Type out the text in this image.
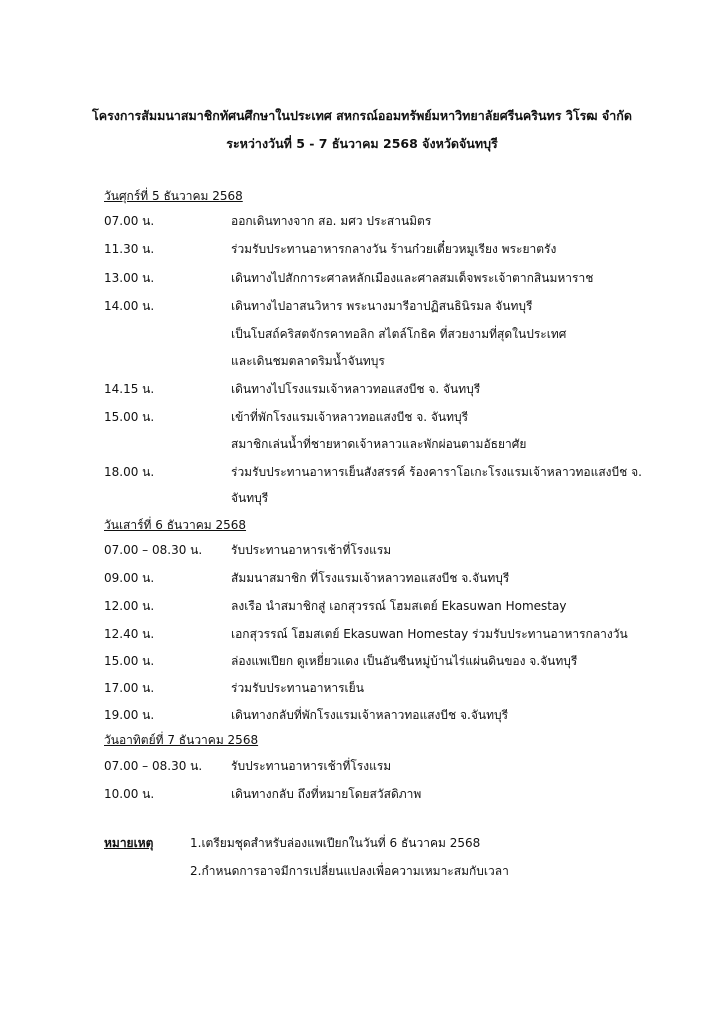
โครงการสัมมนาสมาชิกทัศนศึกษาในประเทศ สหกรณ์ออมทรัพย์มหาวิทยาลัยศรีนครินทร วิโรฒ จำกัด
ระหว่างวันที่ 5 - 7 ธันวาคม 2568 จังหวัดจันทบุรี
วันศุกร์ที่ 5 ธันวาคม 2568
07.00 น.	ออกเดินทางจาก สอ. มศว ประสานมิตร
11.30 น.	ร่วมรับประทานอาหารกลางวัน ร้านก๋วยเตี๋ยวหมูเรียง พระยาตรัง
13.00 น.	เดินทางไปสักการะศาลหลักเมืองและศาลสมเด็จพระเจ้าตากสินมหาราช
14.00 น.	เดินทางไปอาสนวิหาร พระนางมารีอาปฏิสนธินิรมล จันทบุรี
เป็นโบสถ์คริสตจักรคาทอลิก สไตล์โกธิค ที่สวยงามที่สุดในประเทศ
และเดินชมตลาดริมน้ำจันทบุร
14.15 น.	เดินทางไปโรงแรมเจ้าหลาวทอแสงบีช จ. จันทบุรี
15.00 น.	เข้าที่พักโรงแรมเจ้าหลาวทอแสงบีช จ. จันทบุรี
สมาชิกเล่นน้ำที่ชายหาดเจ้าหลาวและพักผ่อนตามอัธยาศัย
18.00 น.	ร่วมรับประทานอาหารเย็นสังสรรค์ ร้องคาราโอเกะโรงแรมเจ้าหลาวทอแสงบีช จ.
จันทบุรี
วันเสาร์ที่ 6 ธันวาคม 2568
07.00 – 08.30 น. รับประทานอาหารเช้าที่โรงแรม
09.00 น.	สัมมนาสมาชิก ที่โรงแรมเจ้าหลาวทอแสงบีช จ.จันทบุรี
12.00 น.	ลงเรือ นำสมาชิกสู่ เอกสุวรรณ์ โฮมสเตย์ Ekasuwan Homestay
12.40 น.	เอกสุวรรณ์ โฮมสเตย์ Ekasuwan Homestay ร่วมรับประทานอาหารกลางวัน
15.00 น.	ล่องแพเปียก ดูเหยี่ยวแดง เป็นอันซีนหมู่บ้านไร่แผ่นดินของ จ.จันทบุรี
17.00 น.	ร่วมรับประทานอาหารเย็น
19.00 น.	เดินทางกลับที่พักโรงแรมเจ้าหลาวทอแสงบีช จ.จันทบุรี
วันอาทิตย์ที่ 7 ธันวาคม 2568
07.00 – 08.30 น. รับประทานอาหารเช้าที่โรงแรม
10.00 น.	เดินทางกลับ ถึงที่หมายโดยสวัสดิภาพ
หมายเหตุ	1.เตรียมชุดสำหรับล่องแพเปียกในวันที่ 6 ธันวาคม 2568
2.กำหนดการอาจมีการเปลี่ยนแปลงเพื่อความเหมาะสมกับเวลา
